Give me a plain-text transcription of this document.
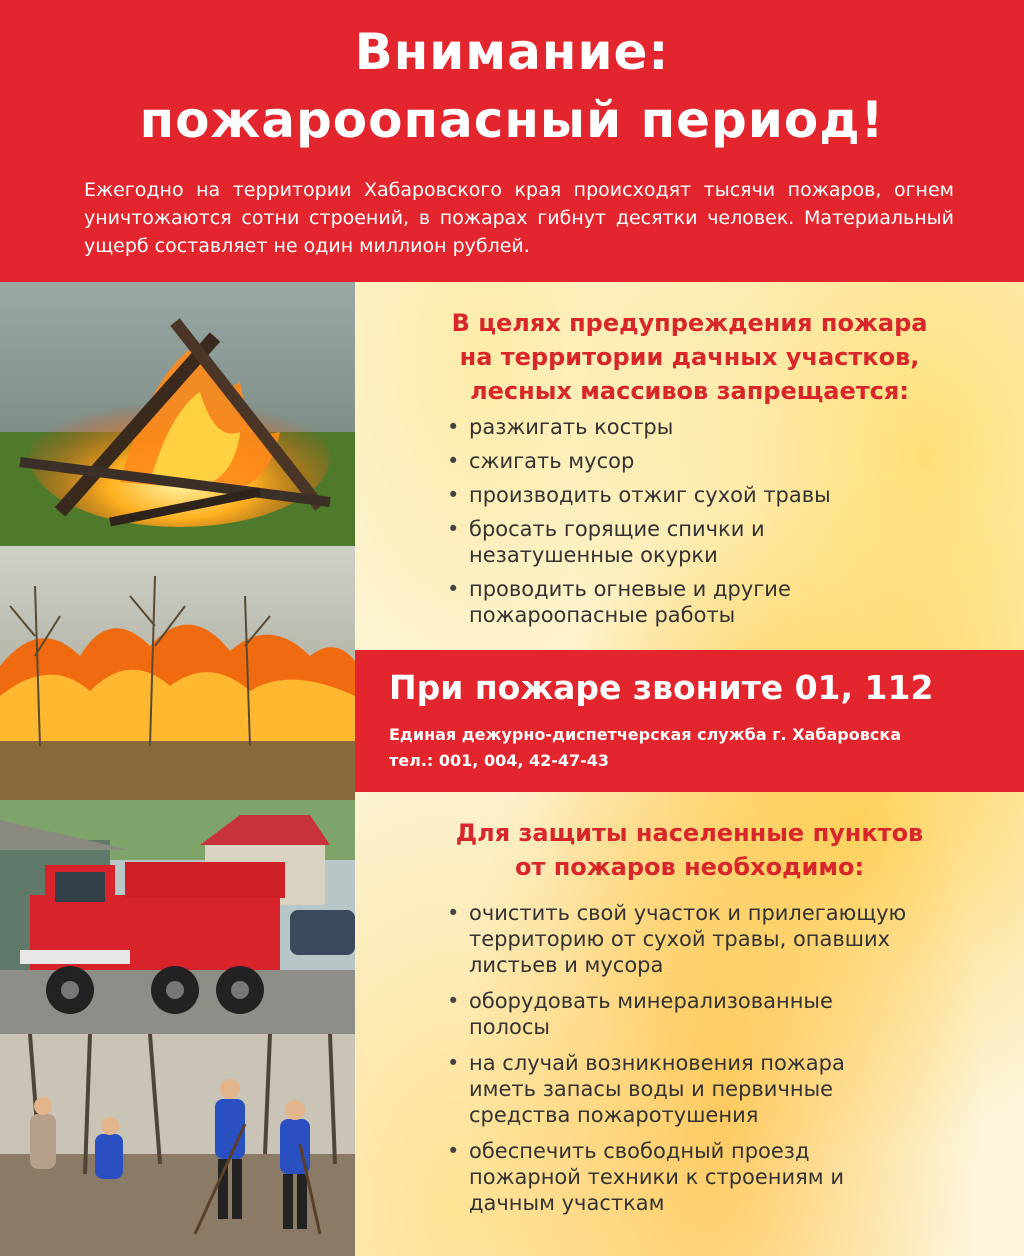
Внимание:
пожароопасный период!
Ежегодно на территории Хабаровского края происходят тысячи пожаров, огнем уничтожаются сотни строений, в пожарах гибнут десятки человек. Материальный ущерб составляет не один миллион рублей.
В целях предупреждения пожара
на территории дачных участков,
лесных массивов запрещается:
• разжигать костры
• сжигать мусор
• производить отжиг сухой травы
• бросать горящие спички и незатушенные окурки
• проводить огневые и другие пожароопасные работы
Для защиты населенные пунктов
от пожаров необходимо:
• очистить свой участок и прилегающую территорию от сухой травы, опавших листьев и мусора
• оборудовать минерализованные полосы
• на случай возникновения пожара иметь запасы воды и первичные средства пожаротушения
• обеспечить свободный проезд пожарной техники к строениям и дачным участкам
При пожаре звоните 01, 112
Единая дежурно-диспетчерская служба г. Хабаровска
тел.: 001, 004, 42-47-43
